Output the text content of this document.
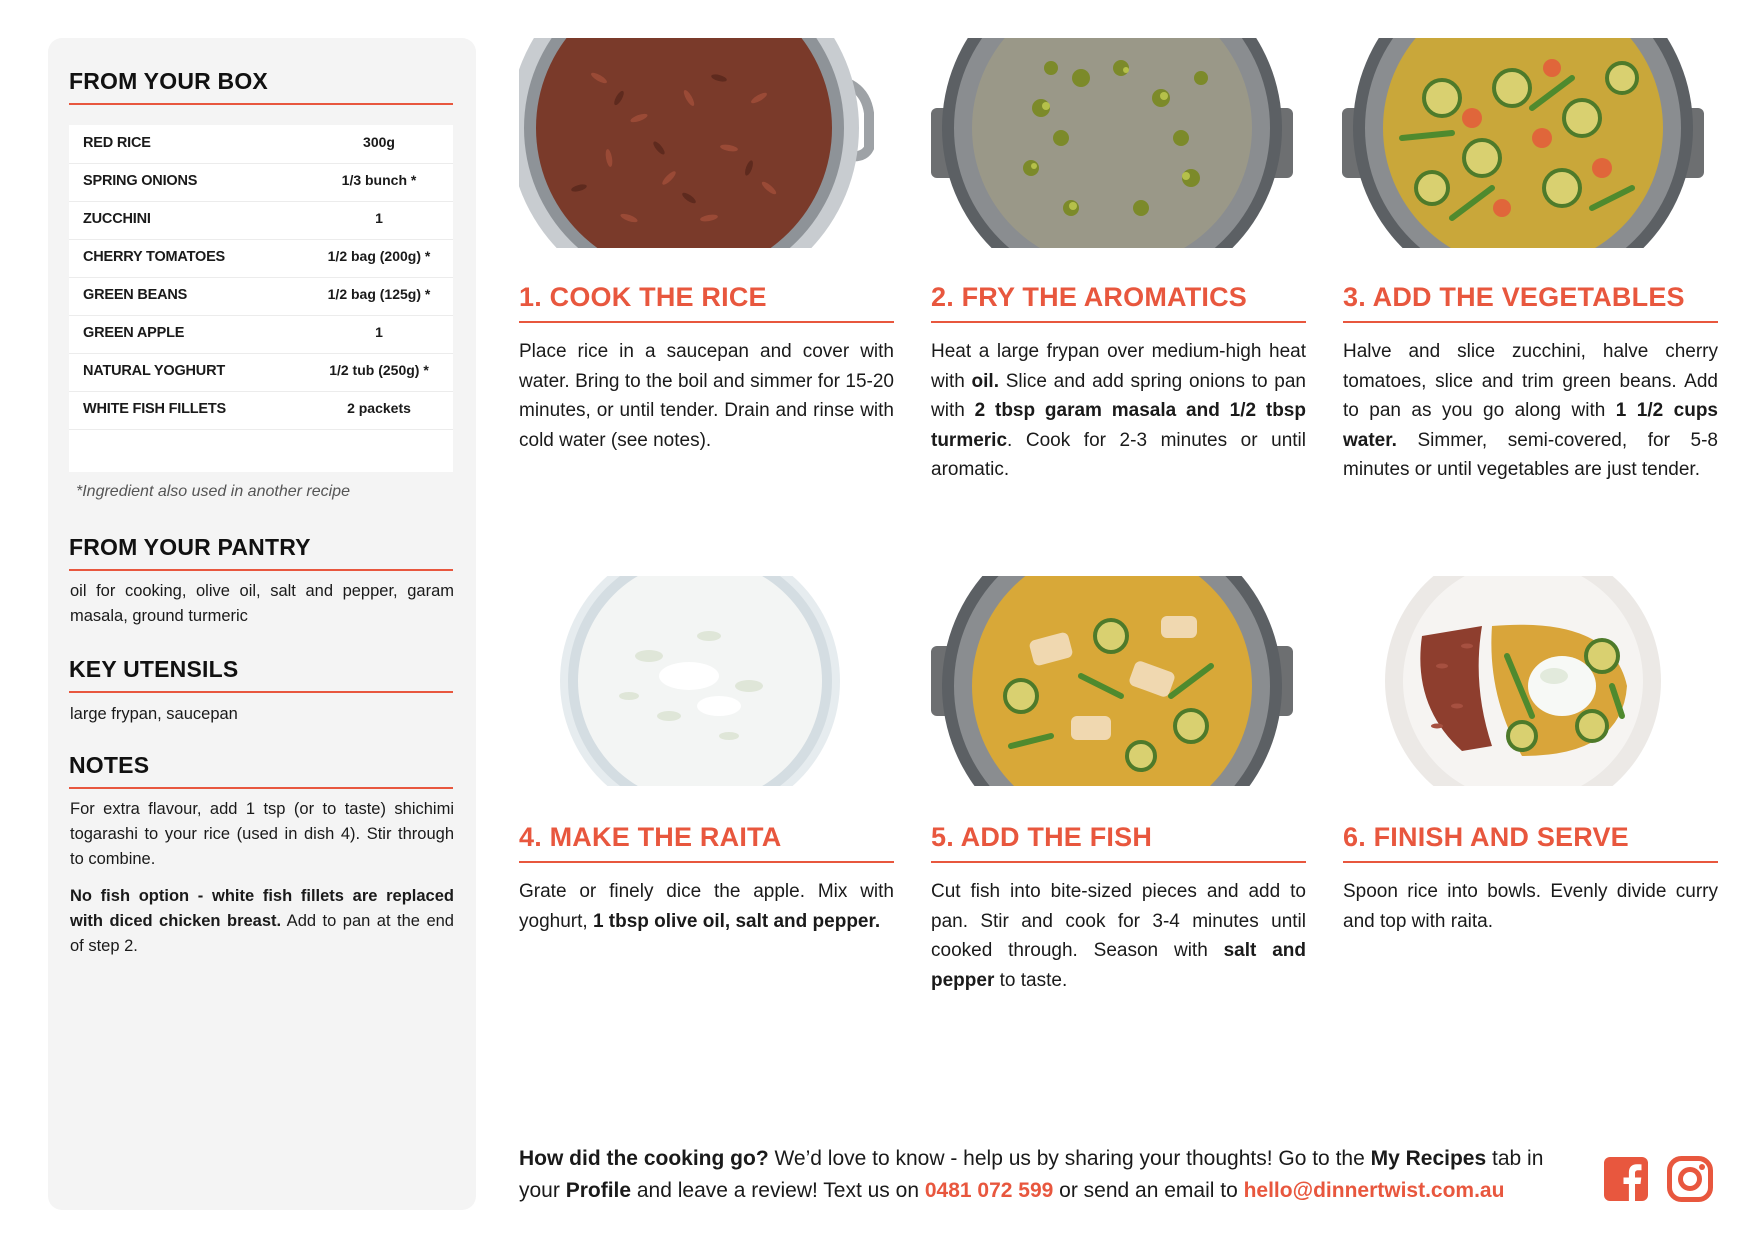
FROM YOUR BOX
RED RICE	300g
SPRING ONIONS	1/3 bunch *
ZUCCHINI	1
CHERRY TOMATOES	1/2 bag (200g) *
GREEN BEANS	1/2 bag (125g) *
GREEN APPLE	1
NATURAL YOGHURT	1/2 tub (250g) *
WHITE FISH FILLETS	2 packets
*Ingredient also used in another recipe
FROM YOUR PANTRY
oil for cooking, olive oil, salt and pepper, garam masala, ground turmeric
KEY UTENSILS
large frypan, saucepan
NOTES
For extra flavour, add 1 tsp (or to taste) shichimi togarashi to your rice (used in dish 4). Stir through to combine.
No fish option - white fish fillets are replaced with diced chicken breast. Add to pan at the end of step 2.
1. COOK THE RICE
Place rice in a saucepan and cover with water. Bring to the boil and simmer for 15-20 minutes, or until tender. Drain and rinse with cold water (see notes).
2. FRY THE AROMATICS
Heat a large frypan over medium-high heat with oil. Slice and add spring onions to pan with 2 tbsp garam masala and 1/2 tbsp turmeric. Cook for 2-3 minutes or until aromatic.
3. ADD THE VEGETABLES
Halve and slice zucchini, halve cherry tomatoes, slice and trim green beans. Add to pan as you go along with 1 1/2 cups water. Simmer, semi-covered, for 5-8 minutes or until vegetables are just tender.
4. MAKE THE RAITA
Grate or finely dice the apple. Mix with yoghurt, 1 tbsp olive oil, salt and pepper.
5. ADD THE FISH
Cut fish into bite-sized pieces and add to pan. Stir and cook for 3-4 minutes until cooked through. Season with salt and pepper to taste.
6. FINISH AND SERVE
Spoon rice into bowls. Evenly divide curry and top with raita.
How did the cooking go? We’d love to know - help us by sharing your thoughts! Go to the My Recipes tab in your Profile and leave a review! Text us on 0481 072 599 or send an email to hello@dinnertwist.com.au
